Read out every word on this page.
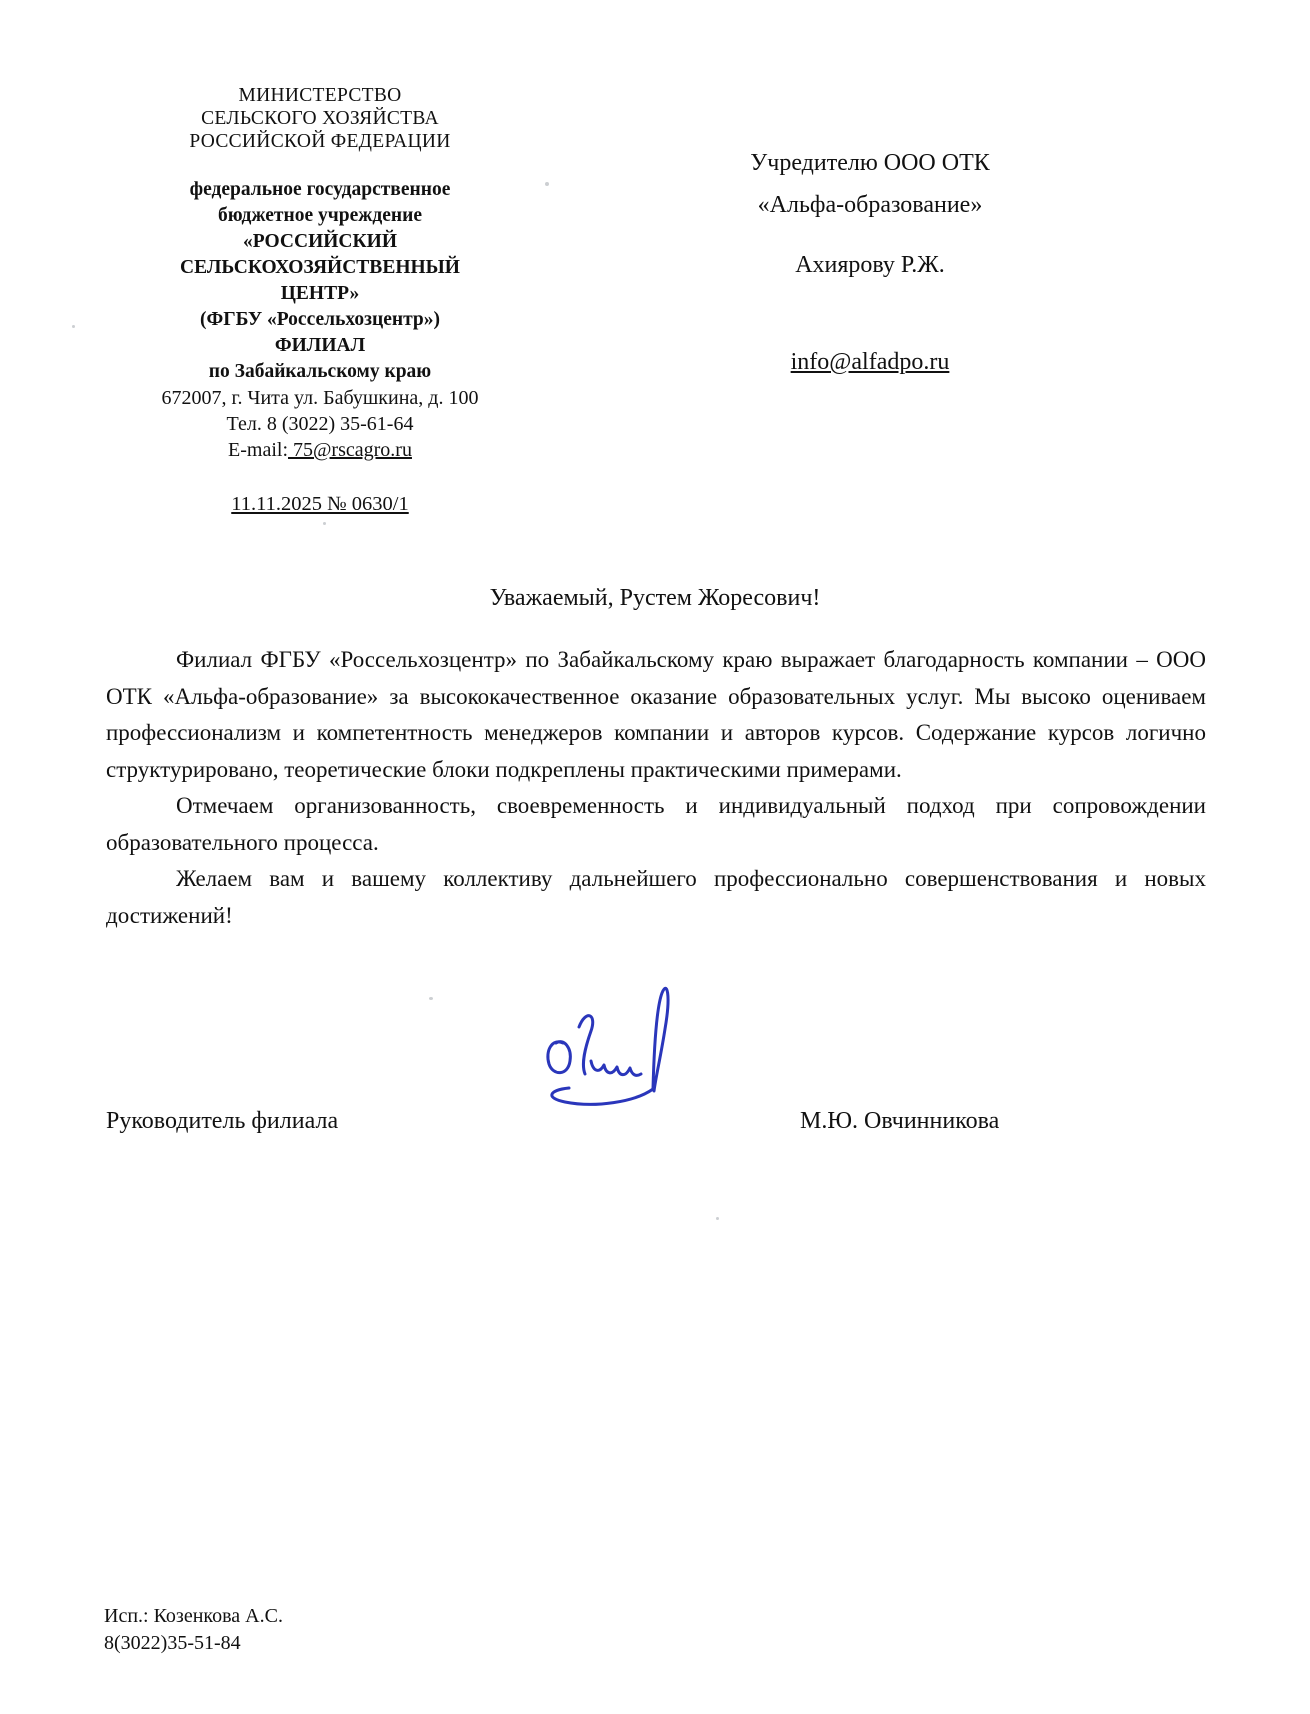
МИНИСТЕРСТВО
СЕЛЬСКОГО ХОЗЯЙСТВА
РОССИЙСКОЙ ФЕДЕРАЦИИ
федеральное государственное
бюджетное учреждение
«РОССИЙСКИЙ
СЕЛЬСКОХОЗЯЙСТВЕННЫЙ
ЦЕНТР»
(ФГБУ «Россельхозцентр»)
ФИЛИАЛ
по Забайкальскому краю
672007, г. Чита ул. Бабушкина, д. 100
Тел. 8 (3022) 35-61-64
E-mail: 75@rscagro.ru
11.11.2025 № 0630/1
Учредителю ООО ОТК
«Альфа-образование»
Ахиярову Р.Ж.
info@alfadpo.ru
Уважаемый, Рустем Жоресович!

Филиал ФГБУ «Россельхозцентр» по Забайкальскому краю выражает благодарность компании – ООО ОТК «Альфа-образование» за высококачественное оказание образовательных услуг. Мы высоко оцениваем профессионализм и компетентность менеджеров компании и авторов курсов. Содержание курсов логично структурировано, теоретические блоки подкреплены практическими примерами.

Отмечаем организованность, своевременность и индивидуальный подход при сопровождении образовательного процесса.

Желаем вам и вашему коллективу дальнейшего профессионально совершенствования и новых достижений!

Руководитель филиала	М.Ю. Овчинникова
Исп.: Козенкова А.С.
8(3022)35-51-84
